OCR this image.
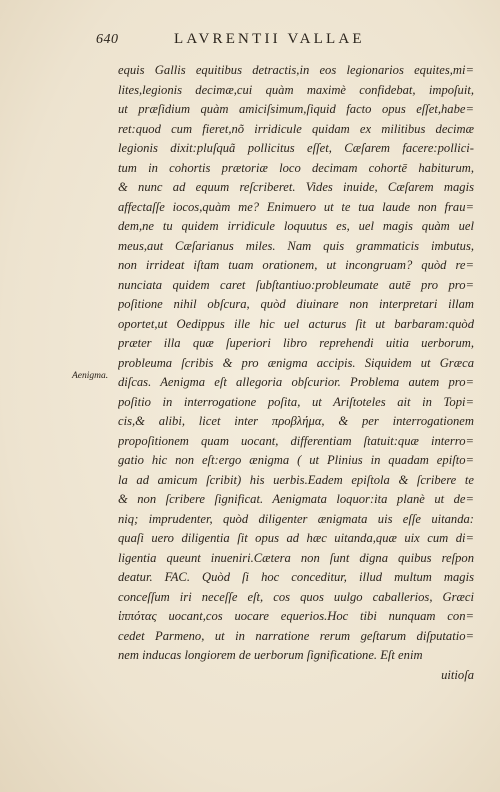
640	LAVRENTII VALLAE
Aenigma.
equis Gallis equitibus detractis,in eos legionarios equites,mi=
lites,legionis decimæ,cui quàm maximè confidebat, impoſuit,
ut præſidium quàm amiciſsimum,ſiquid facto opus eſſet,habe=
ret:quod cum fieret,nõ irridicule quidam ex militibus decimæ
legionis dixit:pluſquã pollicitus eſſet, Cæſarem facere:pollici-
tum in cohortis prætoriæ loco decimam cohortē habiturum,
& nunc ad equum reſcriberet. Vides inuide, Cæſarem magis
affectaſſe iocos,quàm me? Enimuero ut te tua laude non frau=
dem,ne tu quidem irridicule loquutus es, uel magis quàm uel
meus,aut Cæſarianus miles. Nam quis grammaticis imbutus,
non irrideat iſtam tuam orationem, ut incongruam? quòd re=
nunciata quidem caret ſubſtantiuo:probleumate autē pro pro=
poſitione nihil obſcura, quòd diuinare non interpretari illam
oportet,ut Oedippus ille hic uel acturus ſit ut barbaram:quòd
præter illa quæ ſuperiori libro reprehendi uitia uerborum,
probleuma ſcribis & pro ænigma accipis. Siquidem ut Græca
diſcas. Aenigma eſt allegoria obſcurior. Problema autem pro=
poſitio in interrogatione poſita, ut Ariſtoteles ait in Topi=
cis,& alibi, licet inter προβλήμα, & per interrogationem
propoſitionem quam uocant, differentiam ſtatuit:quæ interro=
gatio hic non eſt:ergo ænigma ( ut Plinius in quadam epiſto=
la ad amicum ſcribit) his uerbis.Eadem epiſtola & ſcribere te
& non ſcribere ſignificat. Aenigmata loquor:ita planè ut de=
niq; imprudenter, quòd diligenter ænigmata uis eſſe uitanda:
quaſi uero diligentia ſit opus ad hæc uitanda,quæ uix cum di=
ligentia queunt inueniri.Cætera non ſunt digna quibus reſpon
deatur. FAC. Quòd ſi hoc conceditur, illud multum magis
conceſſum iri neceſſe eſt, cos quos uulgo caballerios, Græci
ἱππότας uocant,cos uocare equerios.Hoc tibi nunquam con=
cedet Parmeno, ut in narratione rerum geſtarum diſputatio=
nem inducas longiorem de uerborum ſignificatione. Eſt enim
uitioſa
